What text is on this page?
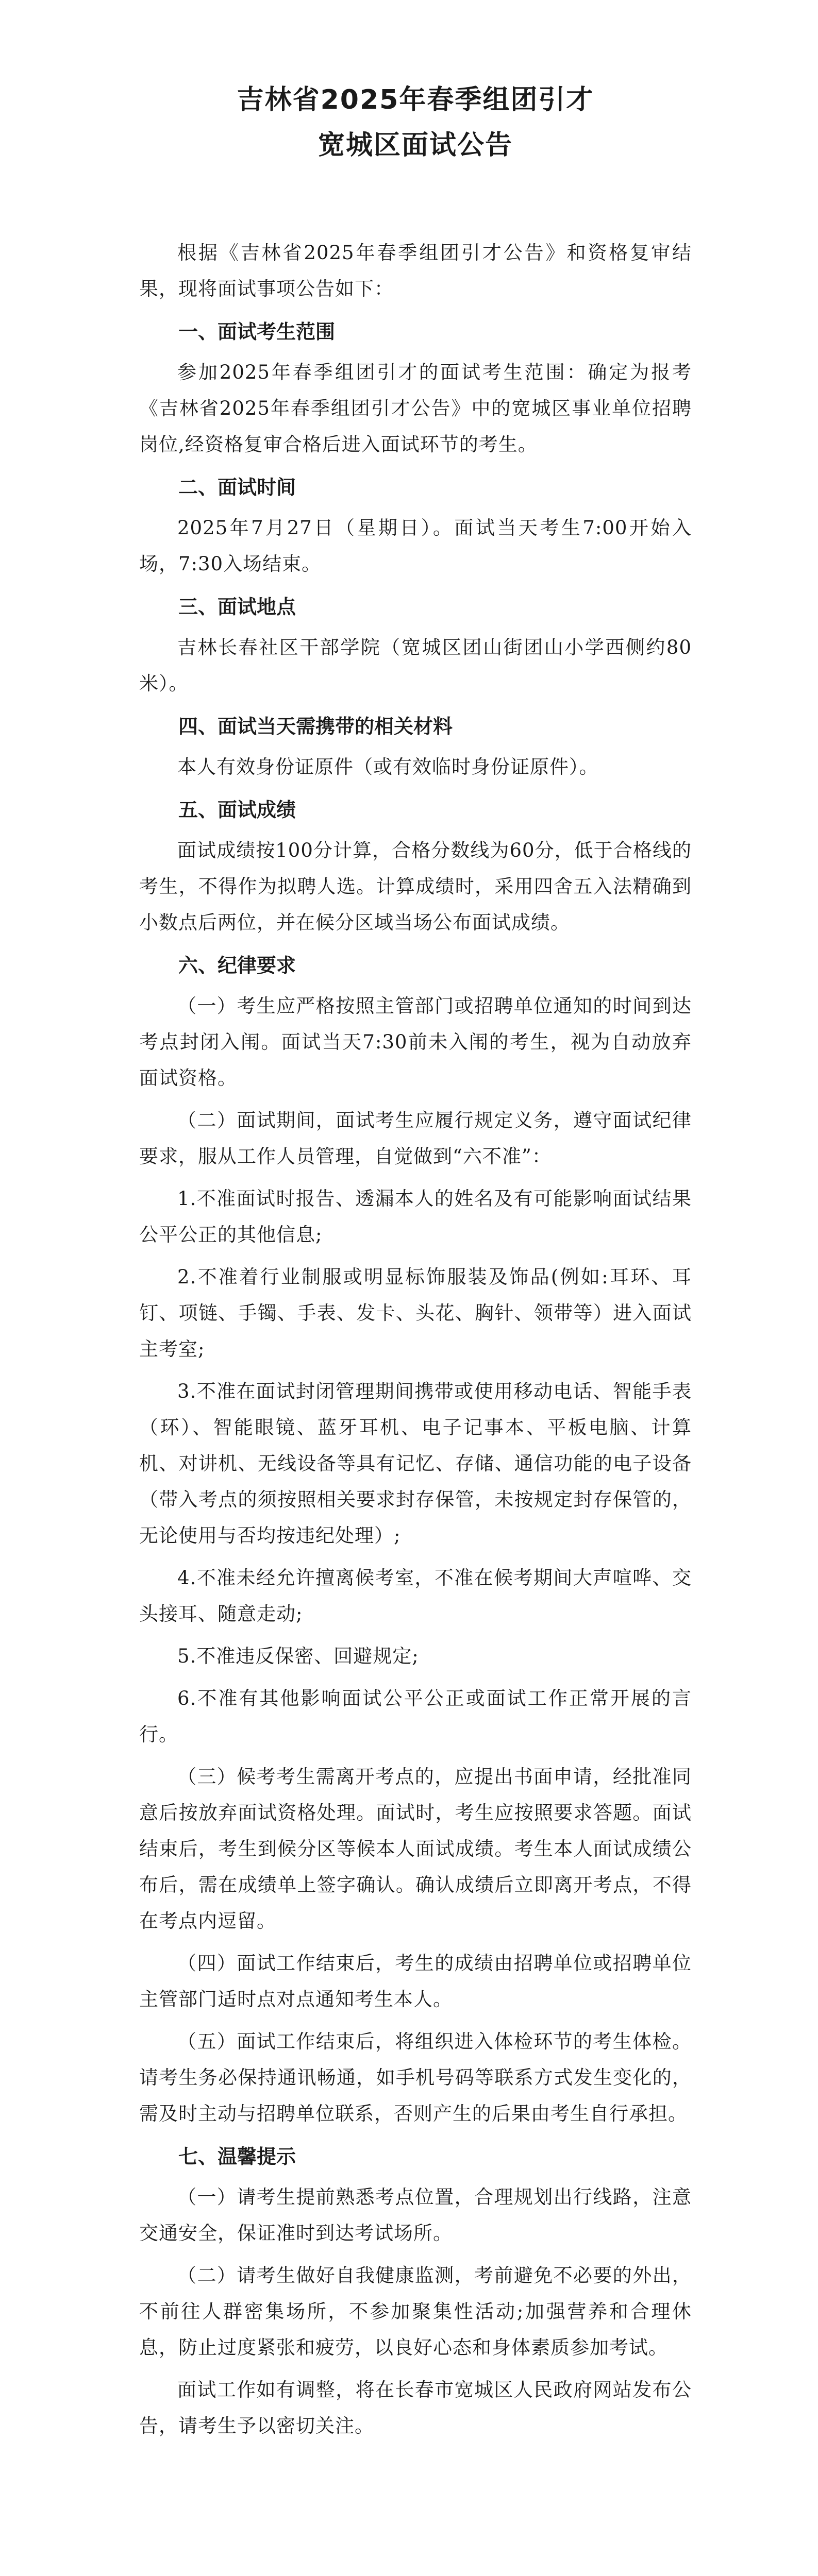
吉林省2025年春季组团引才
宽城区面试公告

根据《吉林省2025年春季组团引才公告》和资格复审结果，现将面试事项公告如下：

一、面试考生范围

参加2025年春季组团引才的面试考生范围：确定为报考《吉林省2025年春季组团引才公告》中的宽城区事业单位招聘岗位,经资格复审合格后进入面试环节的考生。

二、面试时间

2025年7月27日（星期日）。面试当天考生7:00开始入场，7:30入场结束。

三、面试地点

吉林长春社区干部学院（宽城区团山街团山小学西侧约80米）。

四、面试当天需携带的相关材料

本人有效身份证原件（或有效临时身份证原件）。

五、面试成绩

面试成绩按100分计算，合格分数线为60分，低于合格线的考生，不得作为拟聘人选。计算成绩时，采用四舍五入法精确到小数点后两位，并在候分区域当场公布面试成绩。

六、纪律要求

（一）考生应严格按照主管部门或招聘单位通知的时间到达考点封闭入闱。面试当天7:30前未入闱的考生，视为自动放弃面试资格。

（二）面试期间，面试考生应履行规定义务，遵守面试纪律要求，服从工作人员管理，自觉做到“六不准”：

1.不准面试时报告、透漏本人的姓名及有可能影响面试结果公平公正的其他信息;

2.不准着行业制服或明显标饰服装及饰品(例如:耳环、耳钉、项链、手镯、手表、发卡、头花、胸针、领带等）进入面试主考室;

3.不准在面试封闭管理期间携带或使用移动电话、智能手表（环）、智能眼镜、蓝牙耳机、电子记事本、平板电脑、计算机、对讲机、无线设备等具有记忆、存储、通信功能的电子设备（带入考点的须按照相关要求封存保管，未按规定封存保管的，无论使用与否均按违纪处理）;

4.不准未经允许擅离候考室，不准在候考期间大声喧哗、交头接耳、随意走动;

5.不准违反保密、回避规定;

6.不准有其他影响面试公平公正或面试工作正常开展的言行。

（三）候考考生需离开考点的，应提出书面申请，经批准同意后按放弃面试资格处理。面试时，考生应按照要求答题。面试结束后，考生到候分区等候本人面试成绩。考生本人面试成绩公布后，需在成绩单上签字确认。确认成绩后立即离开考点，不得在考点内逗留。

（四）面试工作结束后，考生的成绩由招聘单位或招聘单位主管部门适时点对点通知考生本人。

（五）面试工作结束后，将组织进入体检环节的考生体检。请考生务必保持通讯畅通，如手机号码等联系方式发生变化的，需及时主动与招聘单位联系，否则产生的后果由考生自行承担。

七、温馨提示

（一）请考生提前熟悉考点位置，合理规划出行线路，注意交通安全，保证准时到达考试场所。

（二）请考生做好自我健康监测，考前避免不必要的外出，不前往人群密集场所，不参加聚集性活动;加强营养和合理休息，防止过度紧张和疲劳，以良好心态和身体素质参加考试。

面试工作如有调整，将在长春市宽城区人民政府网站发布公告，请考生予以密切关注。
